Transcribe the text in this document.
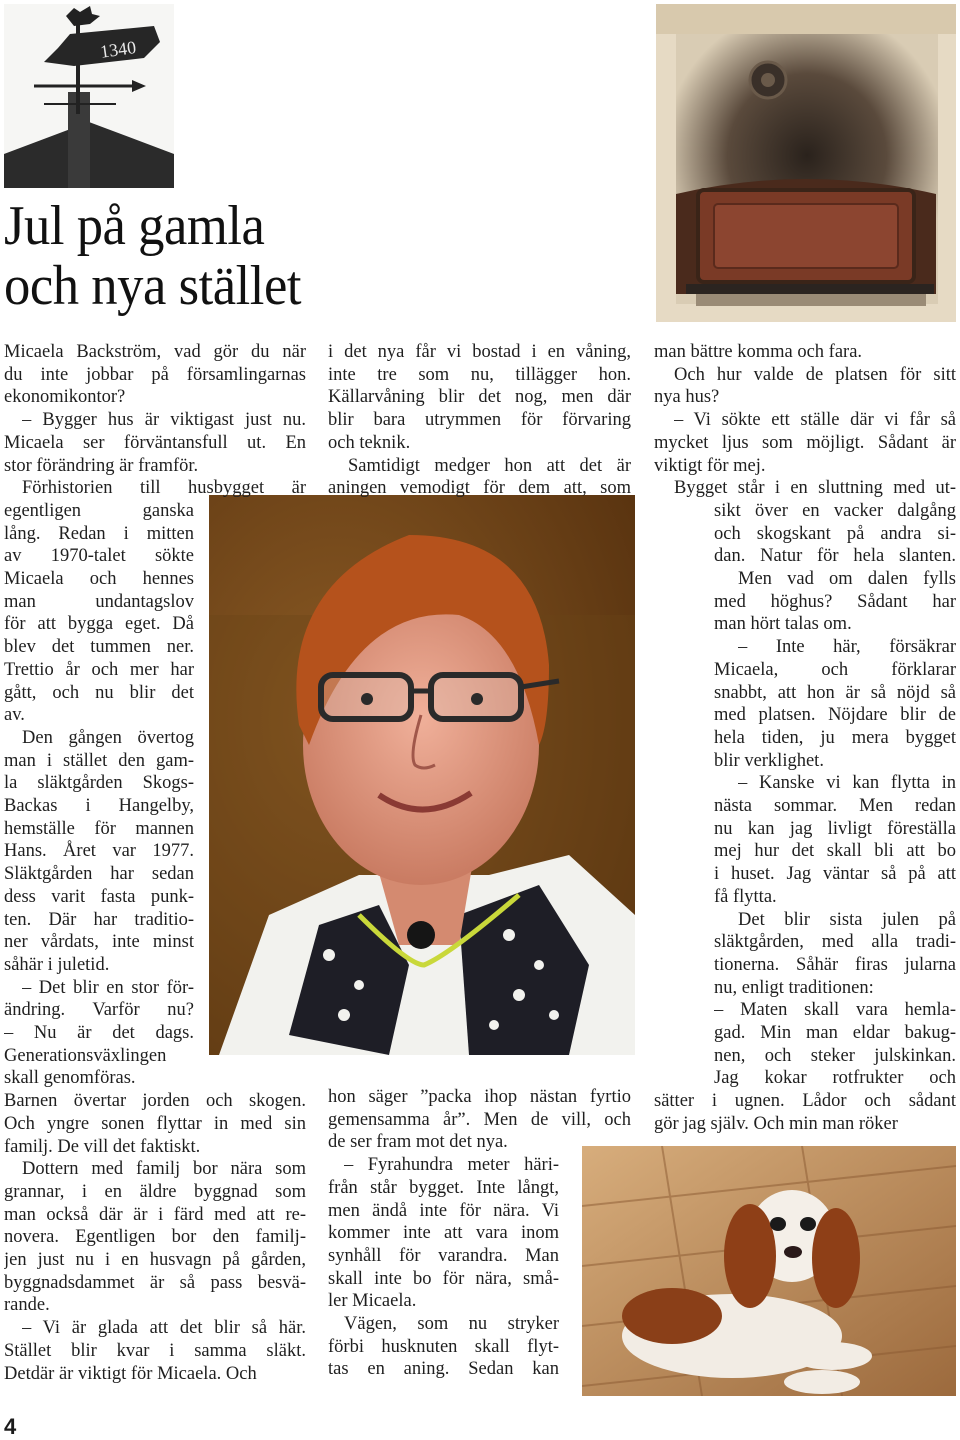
1340
Jul på gamla
och nya stället
Micaela Backström, vad gör du när
du inte jobbar på församlingarnas
ekonomikontor?
– Bygger hus är viktigast just nu.
Micaela ser förväntansfull ut. En
stor förändring är framför.
Förhistorien till husbygget är
egentligen ganska
lång. Redan i mitten
av 1970-talet sökte
Micaela och hennes
man undantagslov
för att bygga eget. Då
blev det tummen ner.
Trettio år och mer har
gått, och nu blir det
av.
Den gången övertog
man i stället den gam-
la släktgården Skogs-
Backas i Hangelby,
hemställe för mannen
Hans. Året var 1977.
Släktgården har sedan
dess varit fasta punk-
ten. Där har traditio-
ner vårdats, inte minst
såhär i juletid.
– Det blir en stor för-
ändring. Varför nu?
– Nu är det dags.
Generationsväxlingen
skall genomföras.
Barnen övertar jorden och skogen.
Och yngre sonen flyttar in med sin
familj. De vill det faktiskt.
Dottern med familj bor nära som
grannar, i en äldre byggnad som
man också där är i färd med att re-
novera. Egentligen bor den familj-
jen just nu i en husvagn på gården,
byggnadsdammet är så pass besvä-
rande.
– Vi är glada att det blir så här.
Stället blir kvar i samma släkt.
Detdär är viktigt för Micaela. Och
i det nya får vi bostad i en våning,
inte tre som nu, tillägger hon.
Källarvåning blir det nog, men där
blir bara utrymmen för förvaring
och teknik.
Samtidigt medger hon att det är
aningen vemodigt för dem att, som
hon säger ”packa ihop nästan fyrtio
gemensamma år”. Men de vill, och
de ser fram mot det nya.
– Fyrahundra meter häri-
från står bygget. Inte långt,
men ändå inte för nära. Vi
kommer inte att vara inom
synhåll för varandra. Man
skall inte bo för nära, små-
ler Micaela.
Vägen, som nu stryker
förbi husknuten skall flyt-
tas en aning. Sedan kan
man bättre komma och fara.
Och hur valde de platsen för sitt
nya hus?
– Vi sökte ett ställe där vi får så
mycket ljus som möjligt. Sådant är
viktigt för mej.
Bygget står i en sluttning med ut-
sikt över en vacker dalgång
och skogskant på andra si-
dan. Natur för hela slanten.
Men vad om dalen fylls
med höghus? Sådant har
man hört talas om.
– Inte här, försäkrar
Micaela, och förklarar
snabbt, att hon är så nöjd så
med platsen. Nöjdare blir de
hela tiden, ju mera bygget
blir verklighet.
– Kanske vi kan flytta in
nästa sommar. Men redan
nu kan jag livligt föreställa
mej hur det skall bli att bo
i huset. Jag väntar så på att
få flytta.
Det blir sista julen på
släktgården, med alla tradi-
tionerna. Såhär firas jularna
nu, enligt traditionen:
– Maten skall vara hemla-
gad. Min man eldar bakug-
nen, och steker julskinkan.
Jag kokar rotfrukter och
sätter i ugnen. Lådor och sådant
gör jag själv. Och min man röker
4
